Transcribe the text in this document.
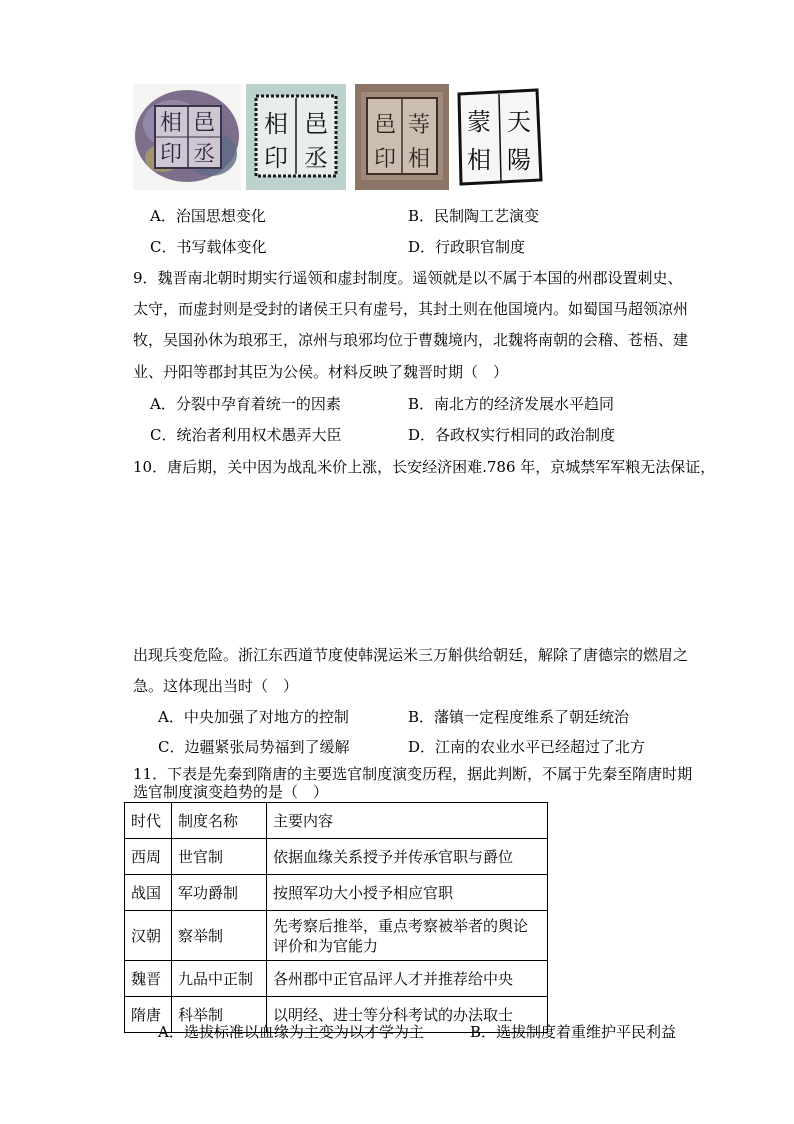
邑
相
丞
印
邑
相
丞
印
䓁
邑
相
印
天
陽
蒙
相
A．治国思想变化	B．民制陶工艺演变
C．书写载体变化	D．行政职官制度
9．魏晋南北朝时期实行遥领和虚封制度。遥领就是以不属于本国的州郡设置刺史、
太守，而虚封则是受封的诸侯王只有虚号，其封土则在他国境内。如蜀国马超领凉州
牧，吴国孙休为琅邪王，凉州与琅邪均位于曹魏境内，北魏将南朝的会稽、苍梧、建
业、丹阳等郡封其臣为公侯。材料反映了魏晋时期（　）
A．分裂中孕育着统一的因素	B．南北方的经济发展水平趋同
C．统治者利用权术愚弄大臣	D．各政权实行相同的政治制度
10．唐后期，关中因为战乱米价上涨，长安经济困难.786 年，京城禁军军粮无法保证，
出现兵变危险。浙江东西道节度使韩滉运米三万斛供给朝廷，解除了唐德宗的燃眉之
急。这体现出当时（　）
A．中央加强了对地方的控制	B．藩镇一定程度维系了朝廷统治
C．边疆紧张局势福到了缓解	D．江南的农业水平已经超过了北方
11．下表是先秦到隋唐的主要选官制度演变历程，据此判断，不属于先秦至隋唐时期
选官制度演变趋势的是（　）
时代	制度名称	主要内容
西周	世官制	依据血缘关系授予并传承官职与爵位
战国	军功爵制	按照军功大小授予相应官职
汉朝	察举制	先考察后推举，重点考察被举者的舆论评价和为官能力
魏晋	九品中正制	各州郡中正官品评人才并推荐给中央
隋唐	科举制	以明经、进士等分科考试的办法取士
A．选拔标准以血缘为主变为以才学为主	B．选拔制度着重维护平民利益
